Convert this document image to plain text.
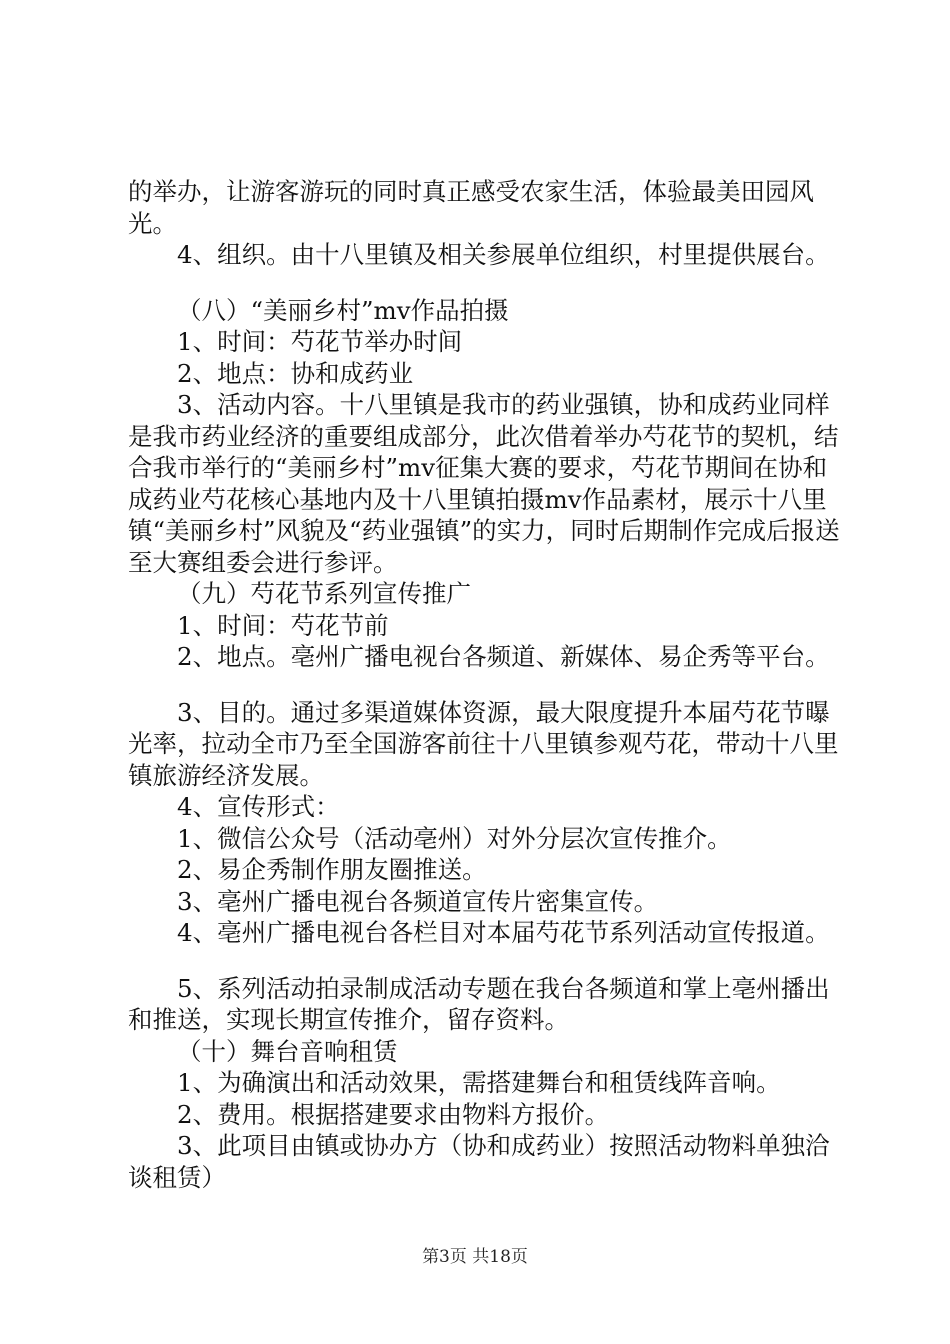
的举办，让游客游玩的同时真正感受农家生活，体验最美田园风光。

4、组织。由十八里镇及相关参展单位组织，村里提供展台。

（八）“美丽乡村”mv作品拍摄

1、时间：芍花节举办时间

2、地点：协和成药业

3、活动内容。十八里镇是我市的药业强镇，协和成药业同样是我市药业经济的重要组成部分，此次借着举办芍花节的契机，结合我市举行的“美丽乡村”mv征集大赛的要求，芍花节期间在协和成药业芍花核心基地内及十八里镇拍摄mv作品素材，展示十八里镇“美丽乡村”风貌及“药业强镇”的实力，同时后期制作完成后报送至大赛组委会进行参评。

（九）芍花节系列宣传推广

1、时间：芍花节前

2、地点。亳州广播电视台各频道、新媒体、易企秀等平台。

3、目的。通过多渠道媒体资源，最大限度提升本届芍花节曝光率，拉动全市乃至全国游客前往十八里镇参观芍花，带动十八里镇旅游经济发展。

4、宣传形式：

1、微信公众号（活动亳州）对外分层次宣传推介。

2、易企秀制作朋友圈推送。

3、亳州广播电视台各频道宣传片密集宣传。

4、亳州广播电视台各栏目对本届芍花节系列活动宣传报道。

5、系列活动拍录制成活动专题在我台各频道和掌上亳州播出和推送，实现长期宣传推介，留存资料。

（十）舞台音响租赁

1、为确演出和活动效果，需搭建舞台和租赁线阵音响。

2、费用。根据搭建要求由物料方报价。

3、此项目由镇或协办方（协和成药业）按照活动物料单独洽谈租赁）

第3页 共18页
